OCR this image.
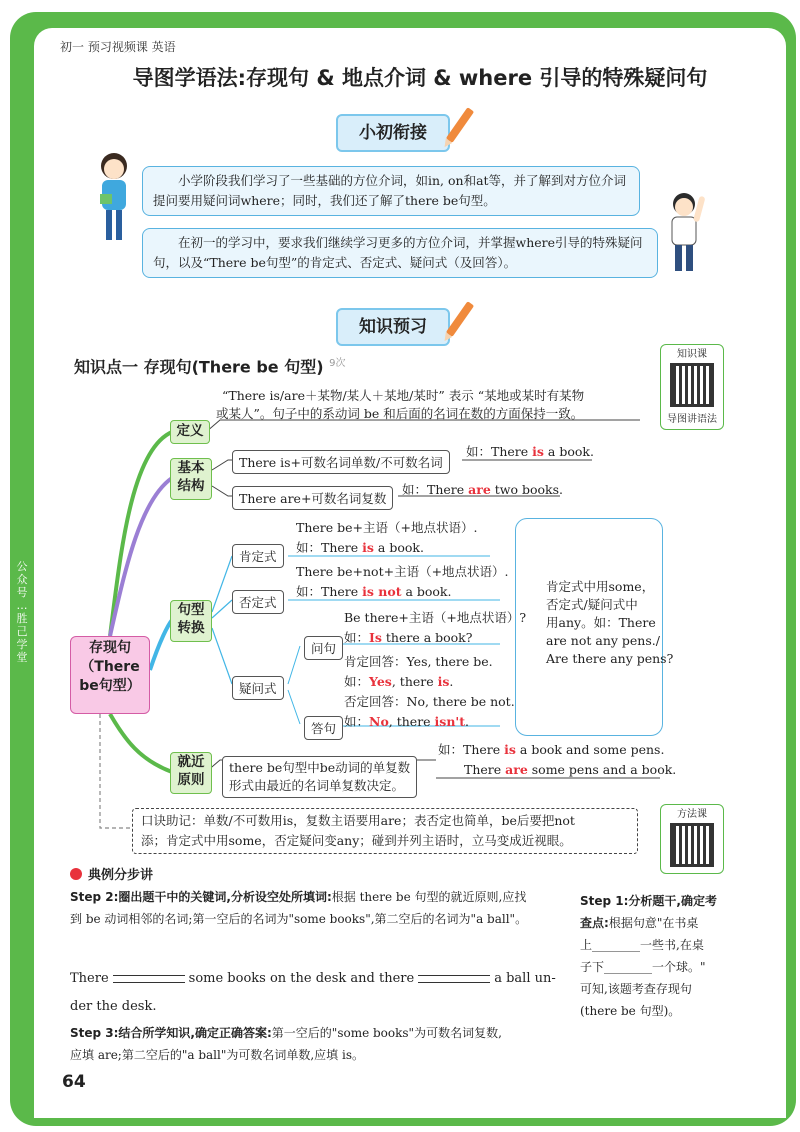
公众号 …胜己学堂
初一 预习视频课 英语
导图学语法:存现句 & 地点介词 & where 引导的特殊疑问句
小初衔接
小学阶段我们学习了一些基础的方位介词，如in, on和at等，并了解到对方位介词提问要用疑问词where；同时，我们还了解了there be句型。
在初一的学习中，要求我们继续学习更多的方位介词，并掌握where引导的特殊疑问句，以及“There be句型”的肯定式、否定式、疑问式（及回答）。
知识预习
知识点一 存现句(There be 句型) $^{9次}$
知识课
导图讲语法
存现句
（There
be句型）
定义
“There is/are＋某物/某人＋某地/某时” 表示 “某地或某时有某物
或某人”。句子中的系动词 be 和后面的名词在数的方面保持一致。
基本
结构
There is+可数名词单数/不可数名词
如：There is a book.
There are+可数名词复数
如：There are two books.
句型
转换
肯定式
There be+主语（+地点状语）.
如：There is a book.
否定式
There be+not+主语（+地点状语）.
如：There is not a book.
疑问式
问句
Be there+主语（+地点状语）?
如：Is there a book?
答句
肯定回答：Yes, there be.
如：Yes, there is.
否定回答：No, there be not.
如：No, there isn't.
肯定式中用some，
否定式/疑问式中
用any。如：There
are not any pens./
Are there any pens?
就近
原则
there be句型中be动词的单复数
形式由最近的名词单复数决定。
如：There is a book and some pens.
There are some pens and a book.
口诀助记：单数/不可数用is，复数主语要用are；表否定也简单，be后要把not
添；肯定式中用some，否定疑问变any；碰到并列主语时，立马变成近视眼。
方法课
典例分步讲
Step 2:圈出题干中的关键词,分析设空处所填词:根据 there be 句型的就近原则,应找
到 be 动词相邻的名词;第一空后的名词为"some books",第二空后的名词为"a ball"。
There	some books on the desk and there	a ball un-
der the desk.
Step 1:分析题干,确定考
查点:根据句意"在书桌
上________一些书,在桌
子下________一个球。"
可知,该题考查存现句
(there be 句型)。
Step 3:结合所学知识,确定正确答案:第一空后的"some books"为可数名词复数,
应填 are;第二空后的"a ball"为可数名词单数,应填 is。
64
